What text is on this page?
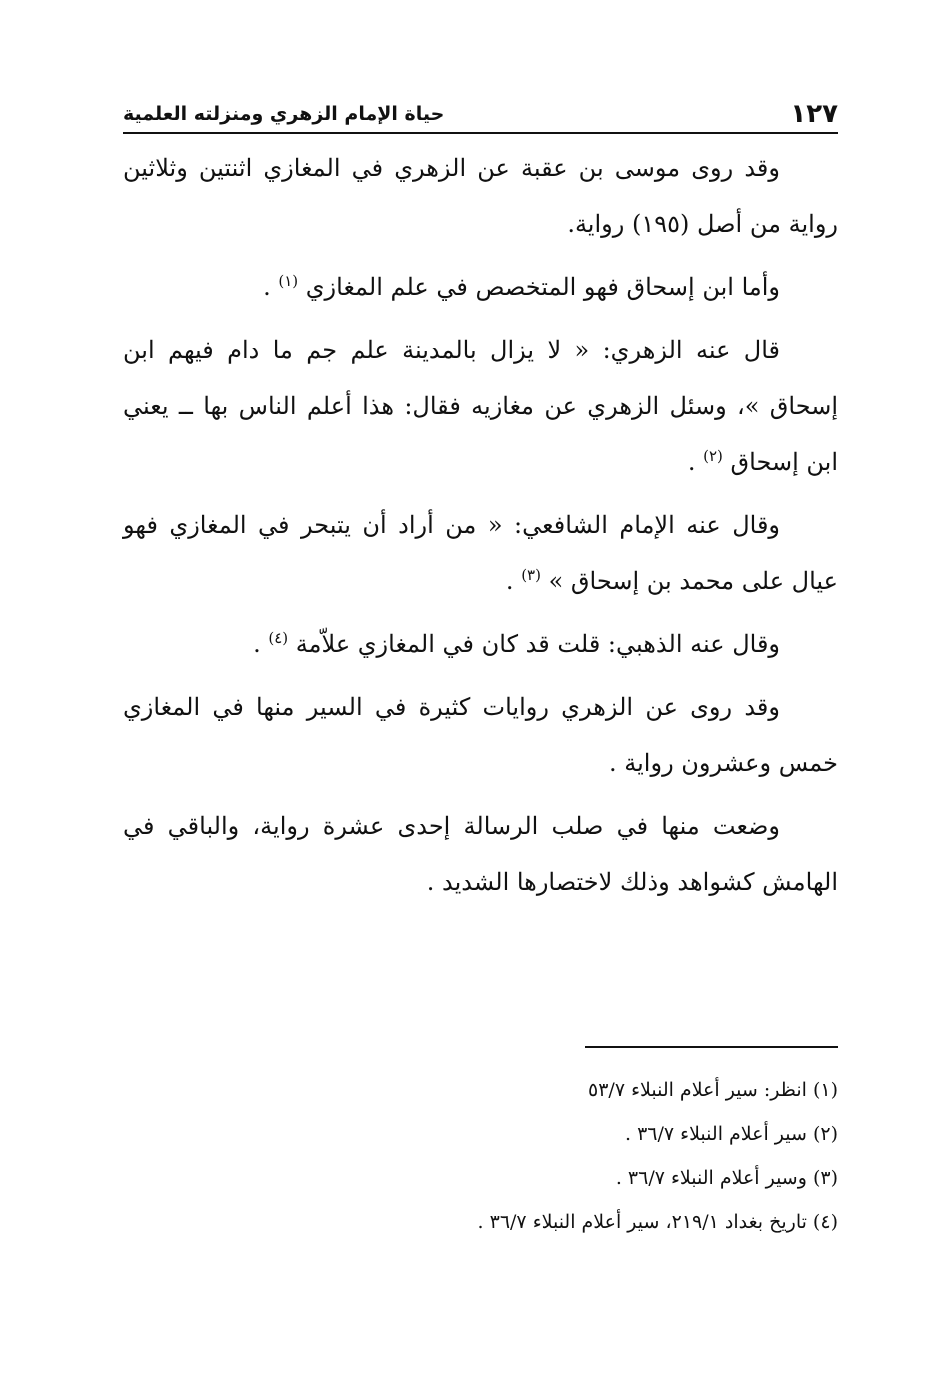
١٢٧
حياة الإمام الزهري ومنزلته العلمية

وقد روى موسى بن عقبة عن الزهري في المغازي اثنتين وثلاثين رواية من أصل (١٩٥) رواية.

وأما ابن إسحاق فهو المتخصص في علم المغازي $^{(١)}$ .

قال عنه الزهري: « لا يزال بالمدينة علم جم ما دام فيهم ابن إسحاق »، وسئل الزهري عن مغازيه فقال: هذا أعلم الناس بها ــ يعني ابن إسحاق $^{(٢)}$ .

وقال عنه الإمام الشافعي: « من أراد أن يتبحر في المغازي فهو عيال على محمد بن إسحاق » $^{(٣)}$ .

وقال عنه الذهبي: قلت قد كان في المغازي علاّمة $^{(٤)}$ .

وقد روى عن الزهري روايات كثيرة في السير منها في المغازي خمس وعشرون رواية .

وضعت منها في صلب الرسالة إحدى عشرة رواية، والباقي في الهامش كشواهد وذلك لاختصارها الشديد .

(١) انظر: سير أعلام النبلاء ٥٣/٧

(٢) سير أعلام النبلاء ٣٦/٧ .

(٣) وسير أعلام النبلاء ٣٦/٧ .

(٤) تاريخ بغداد ٢١٩/١، سير أعلام النبلاء ٣٦/٧ .
